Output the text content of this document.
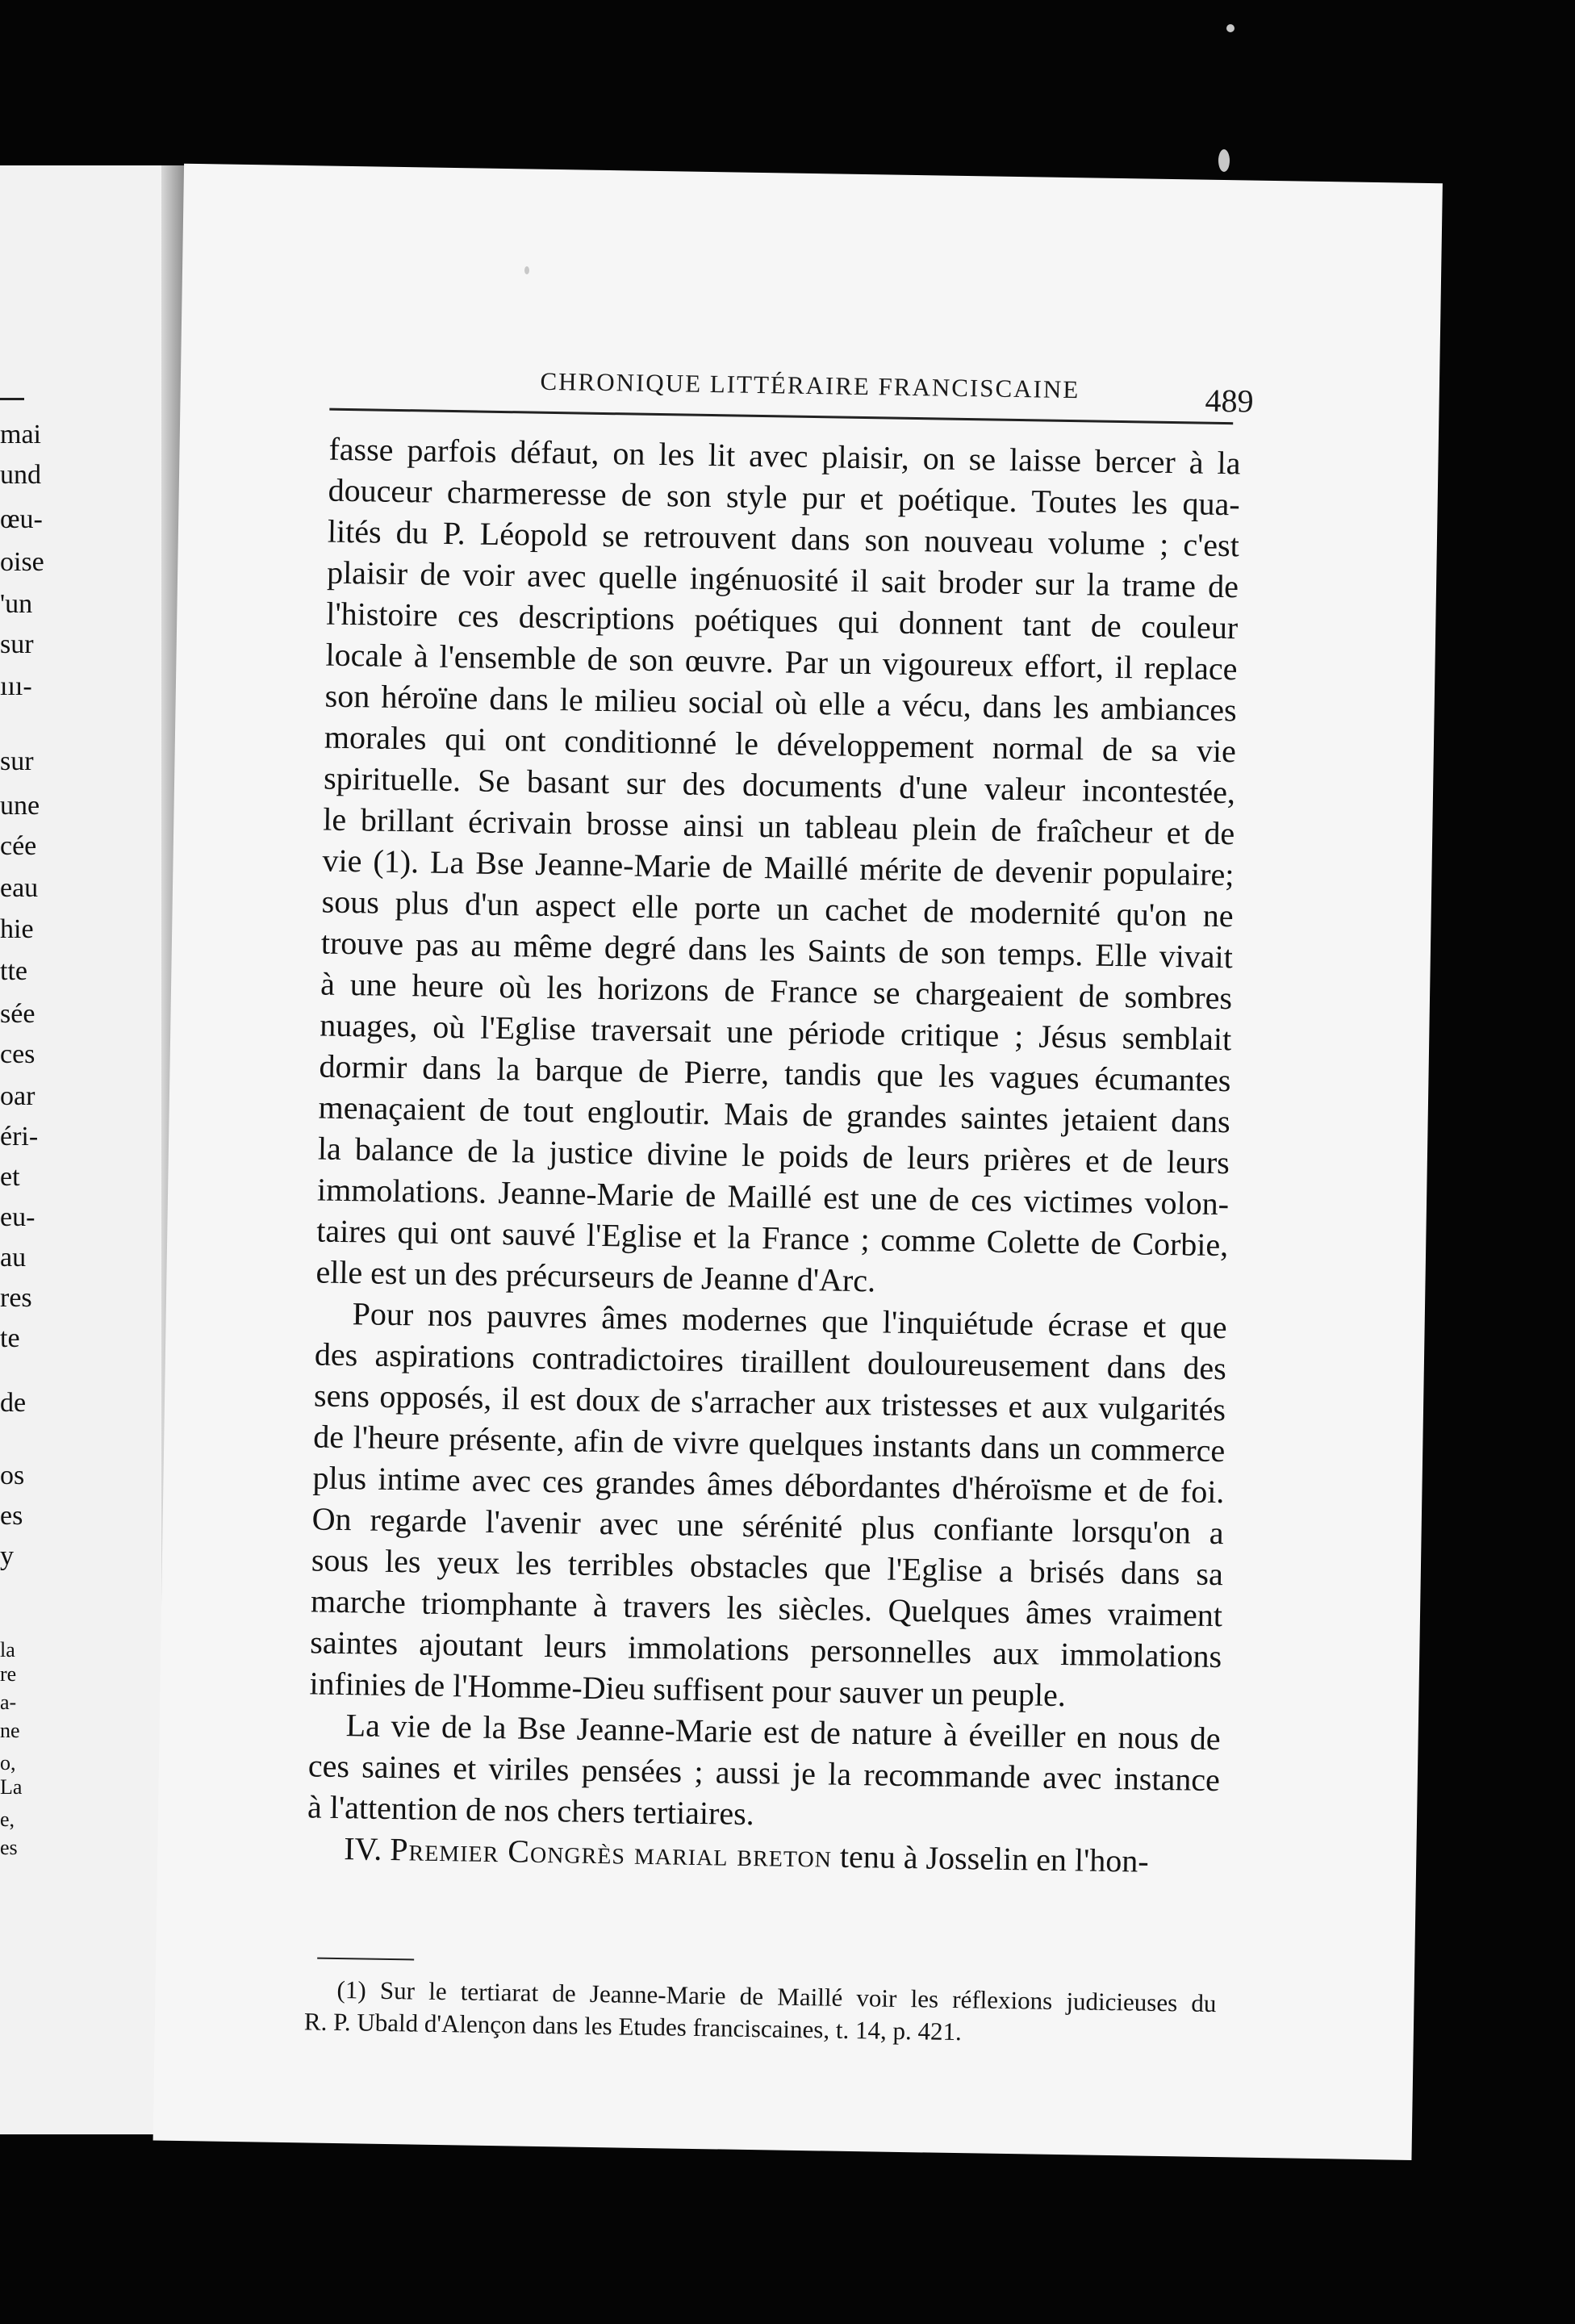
mai
und
œu-
oise
'un
sur
ııı-
sur
une
cée
eau
hie
tte
sée
ces
oar
éri-
et
eu-
au
res
te
de
os
es
y
la
re
a-
ne
o,
La
e,
es
CHRONIQUE LITTÉRAIRE FRANCISCAINE	489
fasse parfois défaut, on les lit avec plaisir, on se laisse bercer à la
douceur charmeresse de son style pur et poétique. Toutes les qua-
lités du P. Léopold se retrouvent dans son nouveau volume ; c'est
plaisir de voir avec quelle ingénuosité il sait broder sur la trame de
l'histoire ces descriptions poétiques qui donnent tant de couleur
locale à l'ensemble de son œuvre. Par un vigoureux effort, il replace
son héroïne dans le milieu social où elle a vécu, dans les ambiances
morales qui ont conditionné le développement normal de sa vie
spirituelle. Se basant sur des documents d'une valeur incontestée,
le brillant écrivain brosse ainsi un tableau plein de fraîcheur et de
vie (1). La Bse Jeanne-Marie de Maillé mérite de devenir populaire;
sous plus d'un aspect elle porte un cachet de modernité qu'on ne
trouve pas au même degré dans les Saints de son temps. Elle vivait
à une heure où les horizons de France se chargeaient de sombres
nuages, où l'Eglise traversait une période critique ; Jésus semblait
dormir dans la barque de Pierre, tandis que les vagues écumantes
menaçaient de tout engloutir. Mais de grandes saintes jetaient dans
la balance de la justice divine le poids de leurs prières et de leurs
immolations. Jeanne-Marie de Maillé est une de ces victimes volon-
taires qui ont sauvé l'Eglise et la France ; comme Colette de Corbie,
elle est un des précurseurs de Jeanne d'Arc.
Pour nos pauvres âmes modernes que l'inquiétude écrase et que
des aspirations contradictoires tiraillent douloureusement dans des
sens opposés, il est doux de s'arracher aux tristesses et aux vulgarités
de l'heure présente, afin de vivre quelques instants dans un commerce
plus intime avec ces grandes âmes débordantes d'héroïsme et de foi.
On regarde l'avenir avec une sérénité plus confiante lorsqu'on a
sous les yeux les terribles obstacles que l'Eglise a brisés dans sa
marche triomphante à travers les siècles. Quelques âmes vraiment
saintes ajoutant leurs immolations personnelles aux immolations
infinies de l'Homme-Dieu suffisent pour sauver un peuple.
La vie de la Bse Jeanne-Marie est de nature à éveiller en nous de
ces saines et viriles pensées ; aussi je la recommande avec instance
à l'attention de nos chers tertiaires.
IV. Premier Congrès marial breton tenu à Josselin en l'hon-
(1) Sur le tertiarat de Jeanne-Marie de Maillé voir les réflexions judicieuses du
R. P. Ubald d'Alençon dans les Etudes franciscaines, t. 14, p. 421.
